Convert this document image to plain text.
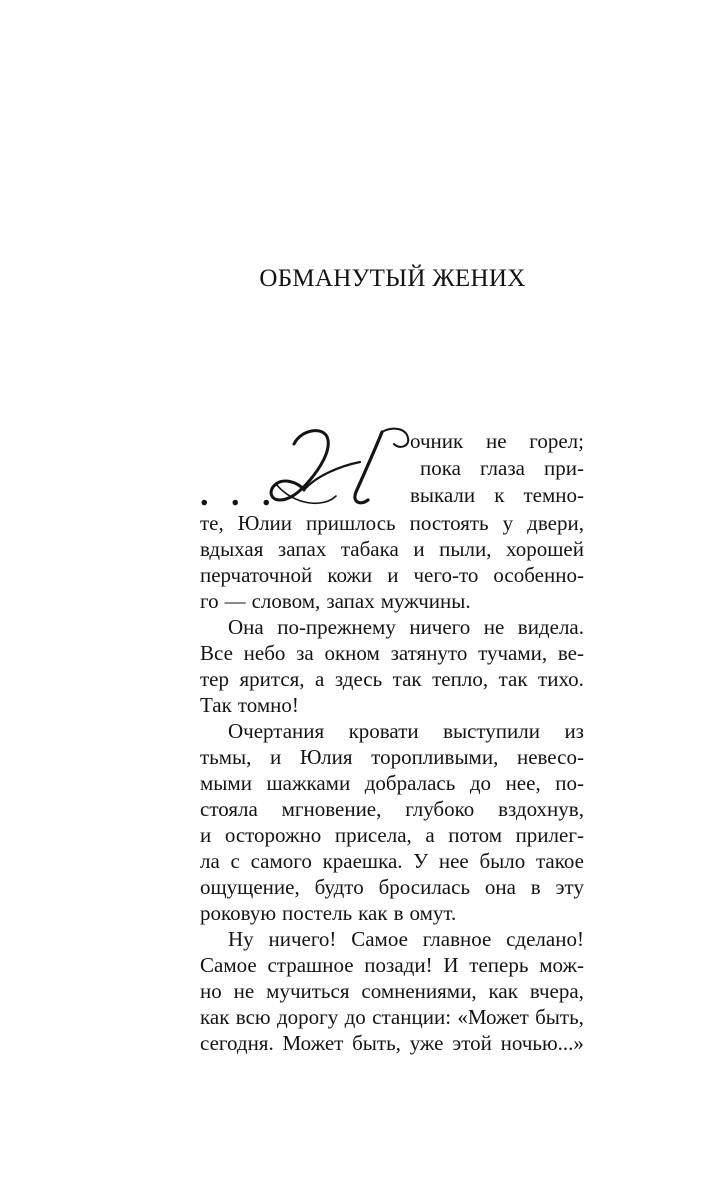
ОБМАНУТЫЙ ЖЕНИХ
. . .
очник не горел;
пока глаза при-
выкали к темно-
те, Юлии пришлось постоять у двери,
вдыхая запах табака и пыли, хорошей
перчаточной кожи и чего-то особенно-
го — словом, запах мужчины.
Она по-прежнему ничего не видела.
Все небо за окном затянуто тучами, ве-
тер ярится, а здесь так тепло, так тихо.
Так томно!
Очертания кровати выступили из
тьмы, и Юлия торопливыми, невесо-
мыми шажками добралась до нее, по-
стояла мгновение, глубоко вздохнув,
и осторожно присела, а потом прилег-
ла с самого краешка. У нее было такое
ощущение, будто бросилась она в эту
роковую постель как в омут.
Ну ничего! Самое главное сделано!
Самое страшное позади! И теперь мож-
но не мучиться сомнениями, как вчера,
как всю дорогу до станции: «Может быть,
сегодня. Может быть, уже этой ночью...»
